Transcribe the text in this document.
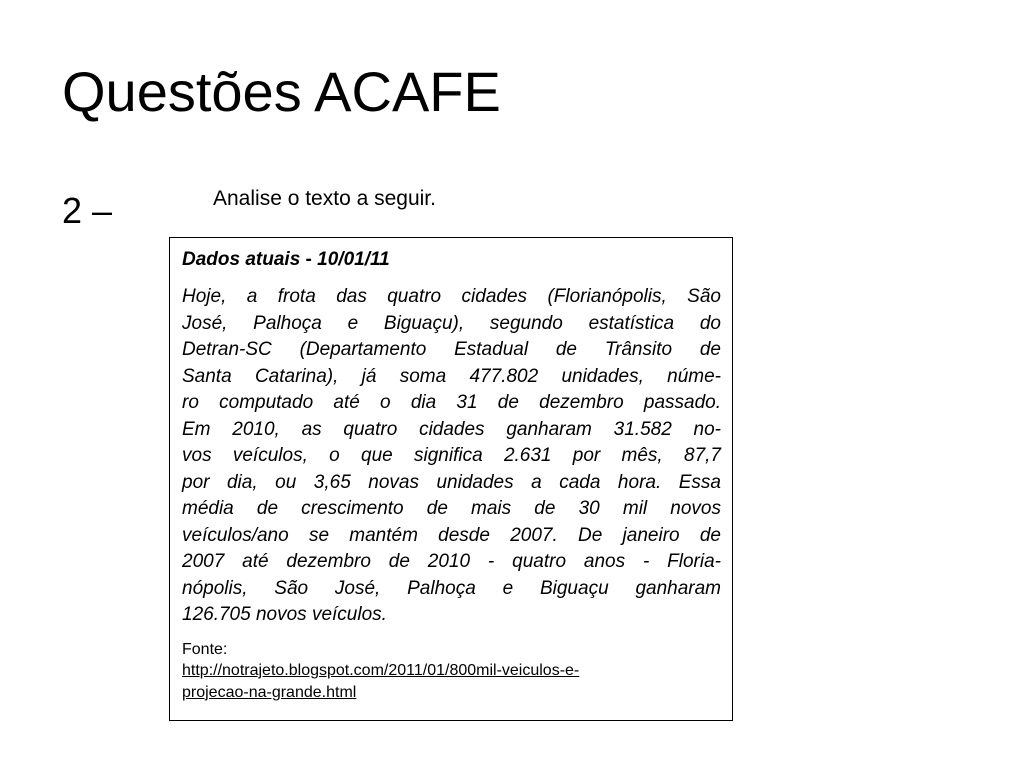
Questões ACAFE
2 –	Analise o texto a seguir.
Dados atuais - 10/01/11

Hoje, a frota das quatro cidades (Florianópolis, São
José, Palhoça e Biguaçu), segundo estatística do
Detran-SC (Departamento Estadual de Trânsito de
Santa Catarina), já soma 477.802 unidades, núme-
ro computado até o dia 31 de dezembro passado.
Em 2010, as quatro cidades ganharam 31.582 no-
vos veículos, o que significa 2.631 por mês, 87,7
por dia, ou 3,65 novas unidades a cada hora. Essa
média de crescimento de mais de 30 mil novos
veículos/ano se mantém desde 2007. De janeiro de
2007 até dezembro de 2010 - quatro anos - Floria-
nópolis, São José, Palhoça e Biguaçu ganharam
126.705 novos veículos.

Fonte:
http://notrajeto.blogspot.com/2011/01/800mil-veiculos-e-
projecao-na-grande.html
